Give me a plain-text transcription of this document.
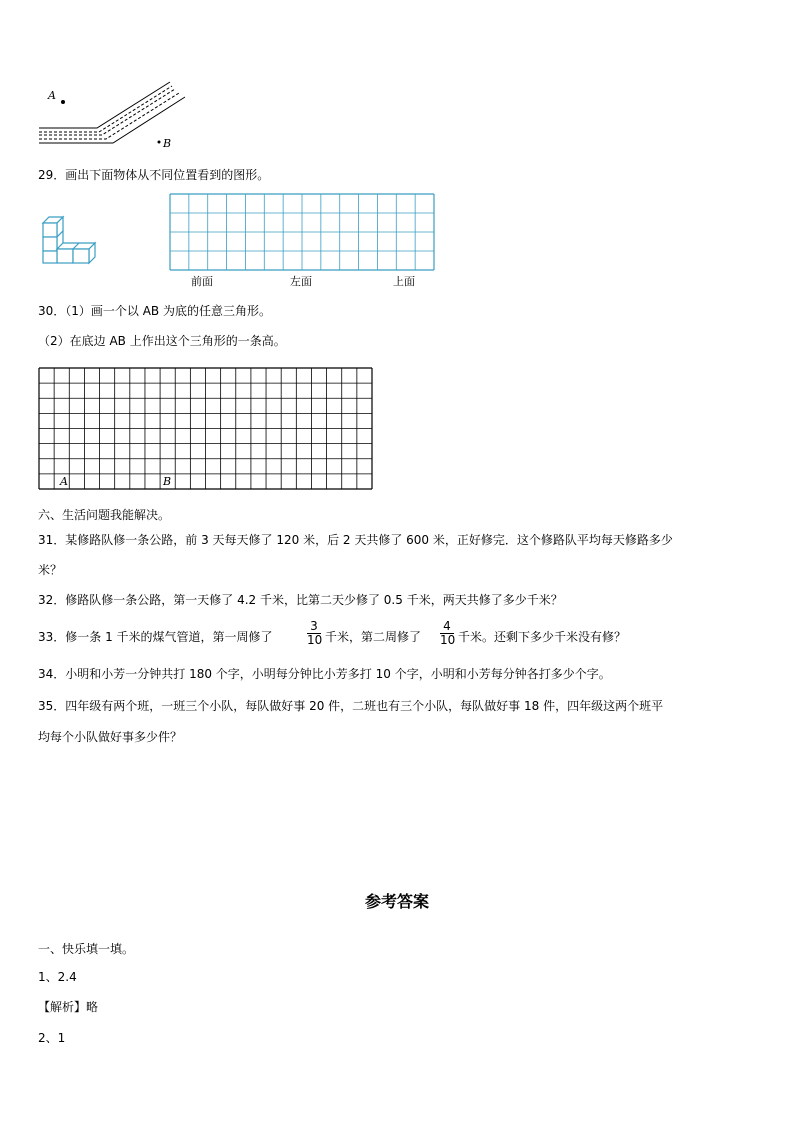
A
B
29．画出下面物体从不同位置看到的图形。
前面	左面	上面
30．（1）画一个以 AB 为底的任意三角形。
（2）在底边 AB 上作出这个三角形的一条高。
A	B
六、生活问题我能解决。
31．某修路队修一条公路，前 3 天每天修了 120 米，后 2 天共修了 600 米，正好修完．这个修路队平均每天修路多少
米？
32．修路队修一条公路，第一天修了 4.2 千米，比第二天少修了 0.5 千米，两天共修了多少千米？
33．修一条 1 千米的煤气管道，第一周修了	$\frac{3}{10}$ 千米，第二周修了 $\frac{4}{10}$ 千米。还剩下多少千米没有修？
34．小明和小芳一分钟共打 180 个字，小明每分钟比小芳多打 10 个字，小明和小芳每分钟各打多少个字。
35．四年级有两个班，一班三个小队，每队做好事 20 件，二班也有三个小队，每队做好事 18 件，四年级这两个班平
均每个小队做好事多少件？
参考答案
一、快乐填一填。
1、2.4
【解析】略
2、1
